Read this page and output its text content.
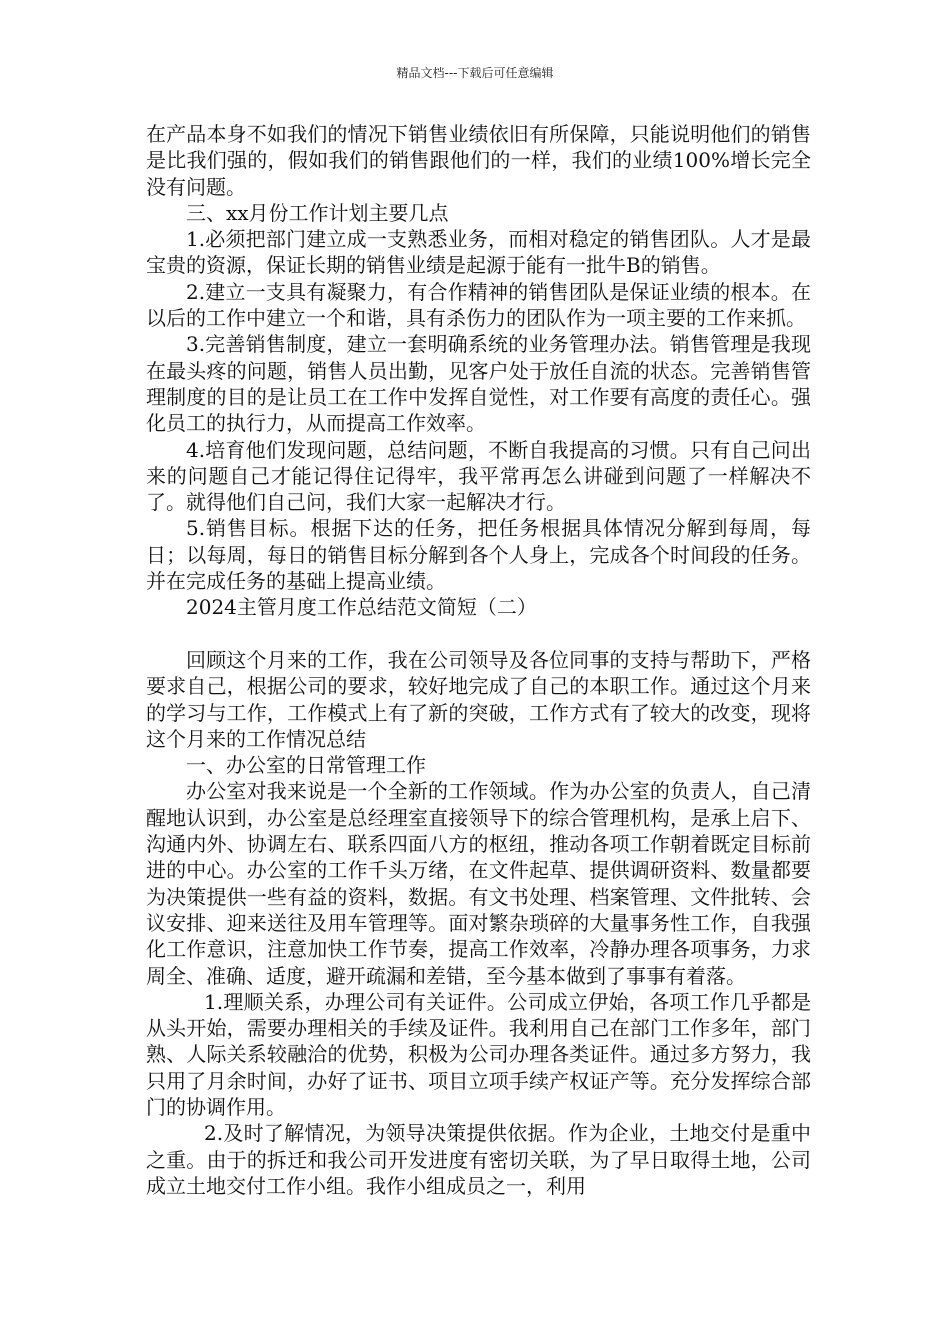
精品文档---下载后可任意编辑

在产品本身不如我们的情况下销售业绩依旧有所保障，只能说明他们的销售是比我们强的，假如我们的销售跟他们的一样，我们的业绩100%增长完全没有问题。

三、xx月份工作计划主要几点

1.必须把部门建立成一支熟悉业务，而相对稳定的销售团队。人才是最宝贵的资源，保证长期的销售业绩是起源于能有一批牛B的销售。

2.建立一支具有凝聚力，有合作精神的销售团队是保证业绩的根本。在以后的工作中建立一个和谐，具有杀伤力的团队作为一项主要的工作来抓。

3.完善销售制度，建立一套明确系统的业务管理办法。销售管理是我现在最头疼的问题，销售人员出勤，见客户处于放任自流的状态。完善销售管理制度的目的是让员工在工作中发挥自觉性，对工作要有高度的责任心。强化员工的执行力，从而提高工作效率。

4.培育他们发现问题，总结问题，不断自我提高的习惯。只有自己问出来的问题自己才能记得住记得牢，我平常再怎么讲碰到问题了一样解决不了。就得他们自己问，我们大家一起解决才行。

5.销售目标。根据下达的任务，把任务根据具体情况分解到每周，每日；以每周，每日的销售目标分解到各个人身上，完成各个时间段的任务。并在完成任务的基础上提高业绩。

2024主管月度工作总结范文简短（二）

回顾这个月来的工作，我在公司领导及各位同事的支持与帮助下，严格要求自己，根据公司的要求，较好地完成了自己的本职工作。通过这个月来的学习与工作，工作模式上有了新的突破，工作方式有了较大的改变，现将这个月来的工作情况总结

一、办公室的日常管理工作

办公室对我来说是一个全新的工作领域。作为办公室的负责人，自己清醒地认识到，办公室是总经理室直接领导下的综合管理机构，是承上启下、沟通内外、协调左右、联系四面八方的枢纽，推动各项工作朝着既定目标前进的中心。办公室的工作千头万绪，在文件起草、提供调研资料、数量都要为决策提供一些有益的资料，数据。有文书处理、档案管理、文件批转、会议安排、迎来送往及用车管理等。面对繁杂琐碎的大量事务性工作，自我强化工作意识，注意加快工作节奏，提高工作效率，冷静办理各项事务，力求周全、准确、适度，避开疏漏和差错，至今基本做到了事事有着落。

1.理顺关系，办理公司有关证件。公司成立伊始，各项工作几乎都是从头开始，需要办理相关的手续及证件。我利用自己在部门工作多年，部门熟、人际关系较融洽的优势，积极为公司办理各类证件。通过多方努力，我只用了月余时间，办好了证书、项目立项手续产权证产等。充分发挥综合部门的协调作用。

2.及时了解情况，为领导决策提供依据。作为企业，土地交付是重中之重。由于的拆迁和我公司开发进度有密切关联，为了早日取得土地，公司成立土地交付工作小组。我作小组成员之一，利用
